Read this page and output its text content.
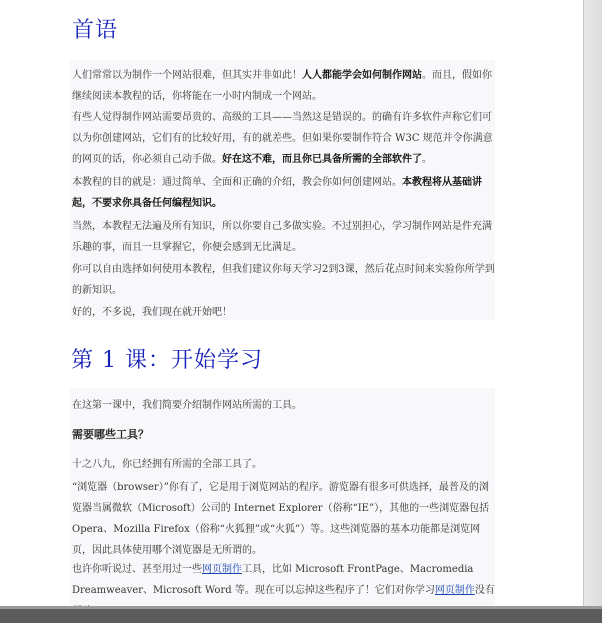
首语

人们常常以为制作一个网站很难，但其实并非如此！人人都能学会如何制作网站。而且，假如你继续阅读本教程的话，你将能在一小时内制成一个网站。

有些人觉得制作网站需要昂贵的、高级的工具——当然这是错误的。的确有许多软件声称它们可以为你创建网站，它们有的比较好用，有的就差些。但如果你要制作符合 W3C 规范并令你满意的网页的话，你必须自己动手做。好在这不难，而且你已具备所需的全部软件了。

本教程的目的就是：通过简单、全面和正确的介绍，教会你如何创建网站。本教程将从基础讲起，不要求你具备任何编程知识。

当然，本教程无法遍及所有知识，所以你要自己多做实验。不过别担心，学习制作网站是件充满乐趣的事，而且一旦掌握它，你便会感到无比满足。

你可以自由选择如何使用本教程，但我们建议你每天学习2到3课，然后花点时间来实验你所学到的新知识。

好的，不多说，我们现在就开始吧！

第 1 课：开始学习

在这第一课中，我们简要介绍制作网站所需的工具。

需要哪些工具？

十之八九，你已经拥有所需的全部工具了。

“浏览器（browser）”你有了，它是用于浏览网站的程序。游览器有很多可供选择，最普及的浏览器当属微软（Microsoft）公司的 Internet Explorer（俗称“IE”），其他的一些浏览器包括 Opera、Mozilla Firefox（俗称“火狐狸”或“火狐”）等。这些浏览器的基本功能都是浏览网页，因此具体使用哪个浏览器是无所谓的。

也许你听说过、甚至用过一些网页制作工具，比如 Microsoft FrontPage、Macromedia Dreamweaver、Microsoft Word 等。现在可以忘掉这些程序了！它们对你学习网页制作没有
